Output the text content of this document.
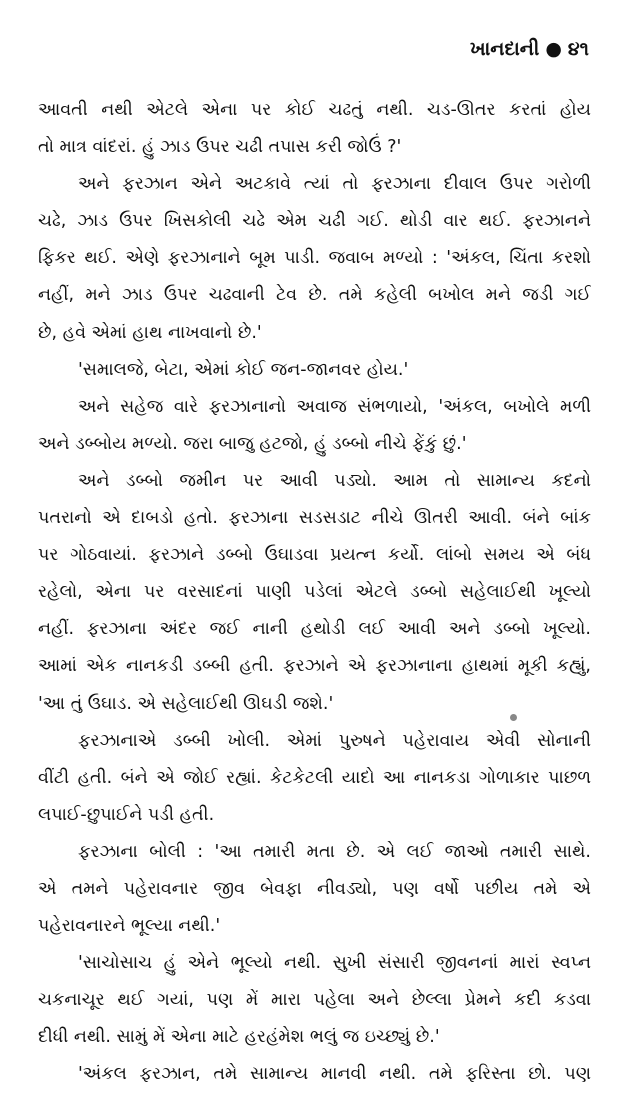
ખાનદાની ● ૪૧
આવતી નથી એટલે એના પર કોઈ ચઢતું નથી. ચડ-ઊતર કરતાં હોય
તો માત્ર વાંદરાં. હું ઝાડ ઉપર ચઢી તપાસ કરી જોઉં ?'
અને ફરઝાન એને અટકાવે ત્યાં તો ફરઝાના દીવાલ ઉપર ગરોળી
ચઢે, ઝાડ ઉપર ખિસકોલી ચઢે એમ ચઢી ગઈ. થોડી વાર થઈ. ફરઝાનને
ફિકર થઈ. એણે ફરઝાનાને બૂમ પાડી. જવાબ મળ્યો : 'અંકલ, ચિંતા કરશો
નહીં, મને ઝાડ ઉપર ચઢવાની ટેવ છે. તમે કહેલી બખોલ મને જડી ગઈ
છે, હવે એમાં હાથ નાખવાનો છે.'
'સમાલજે, બેટા, એમાં કોઈ જન-જાનવર હોય.'
અને સહેજ વારે ફરઝાનાનો અવાજ સંભળાયો, 'અંકલ, બખોલે મળી
અને ડબ્બોય મળ્યો. જરા બાજુ હટજો, હું ડબ્બો નીચે ફેંકું છું.'
અને ડબ્બો જમીન પર આવી પડ્યો. આમ તો સામાન્ય કદનો
પતરાનો એ દાબડો હતો. ફરઝાના સડસડાટ નીચે ઊતરી આવી. બંને બાંક
પર ગોઠવાયાં. ફરઝાને ડબ્બો ઉઘાડવા પ્રયત્ન કર્યો. લાંબો સમય એ બંધ
રહેલો, એના પર વરસાદનાં પાણી પડેલાં એટલે ડબ્બો સહેલાઈથી ખૂલ્યો
નહીં. ફરઝાના અંદર જઈ નાની હથોડી લઈ આવી અને ડબ્બો ખૂલ્યો.
આમાં એક નાનકડી ડબ્બી હતી. ફરઝાને એ ફરઝાનાના હાથમાં મૂકી કહ્યું,
'આ તું ઉઘાડ. એ સહેલાઈથી ઊઘડી જશે.'
ફરઝાનાએ ડબ્બી ખોલી. એમાં પુરુષને પહેરાવાય એવી સોનાની
વીંટી હતી. બંને એ જોઈ રહ્યાં. કેટકેટલી યાદો આ નાનકડા ગોળાકાર પાછળ
લપાઈ-છુપાઈને પડી હતી.
ફરઝાના બોલી : 'આ તમારી મતા છે. એ લઈ જાઓ તમારી સાથે.
એ તમને પહેરાવનાર જીવ બેવફા નીવડ્યો, પણ વર્ષો પછીય તમે એ
પહેરાવનારને ભૂલ્યા નથી.'
'સાચોસાચ હું એને ભૂલ્યો નથી. સુખી સંસારી જીવનનાં મારાં સ્વપ્ન
ચકનાચૂર થઈ ગયાં, પણ મેં મારા પહેલા અને છેલ્લા પ્રેમને કદી કડવા
દીધી નથી. સામું મેં એના માટે હરહંમેશ ભલું જ ઇચ્છ્યું છે.'
'અંકલ ફરઝાન, તમે સામાન્ય માનવી નથી. તમે ફરિસ્તા છો. પણ
